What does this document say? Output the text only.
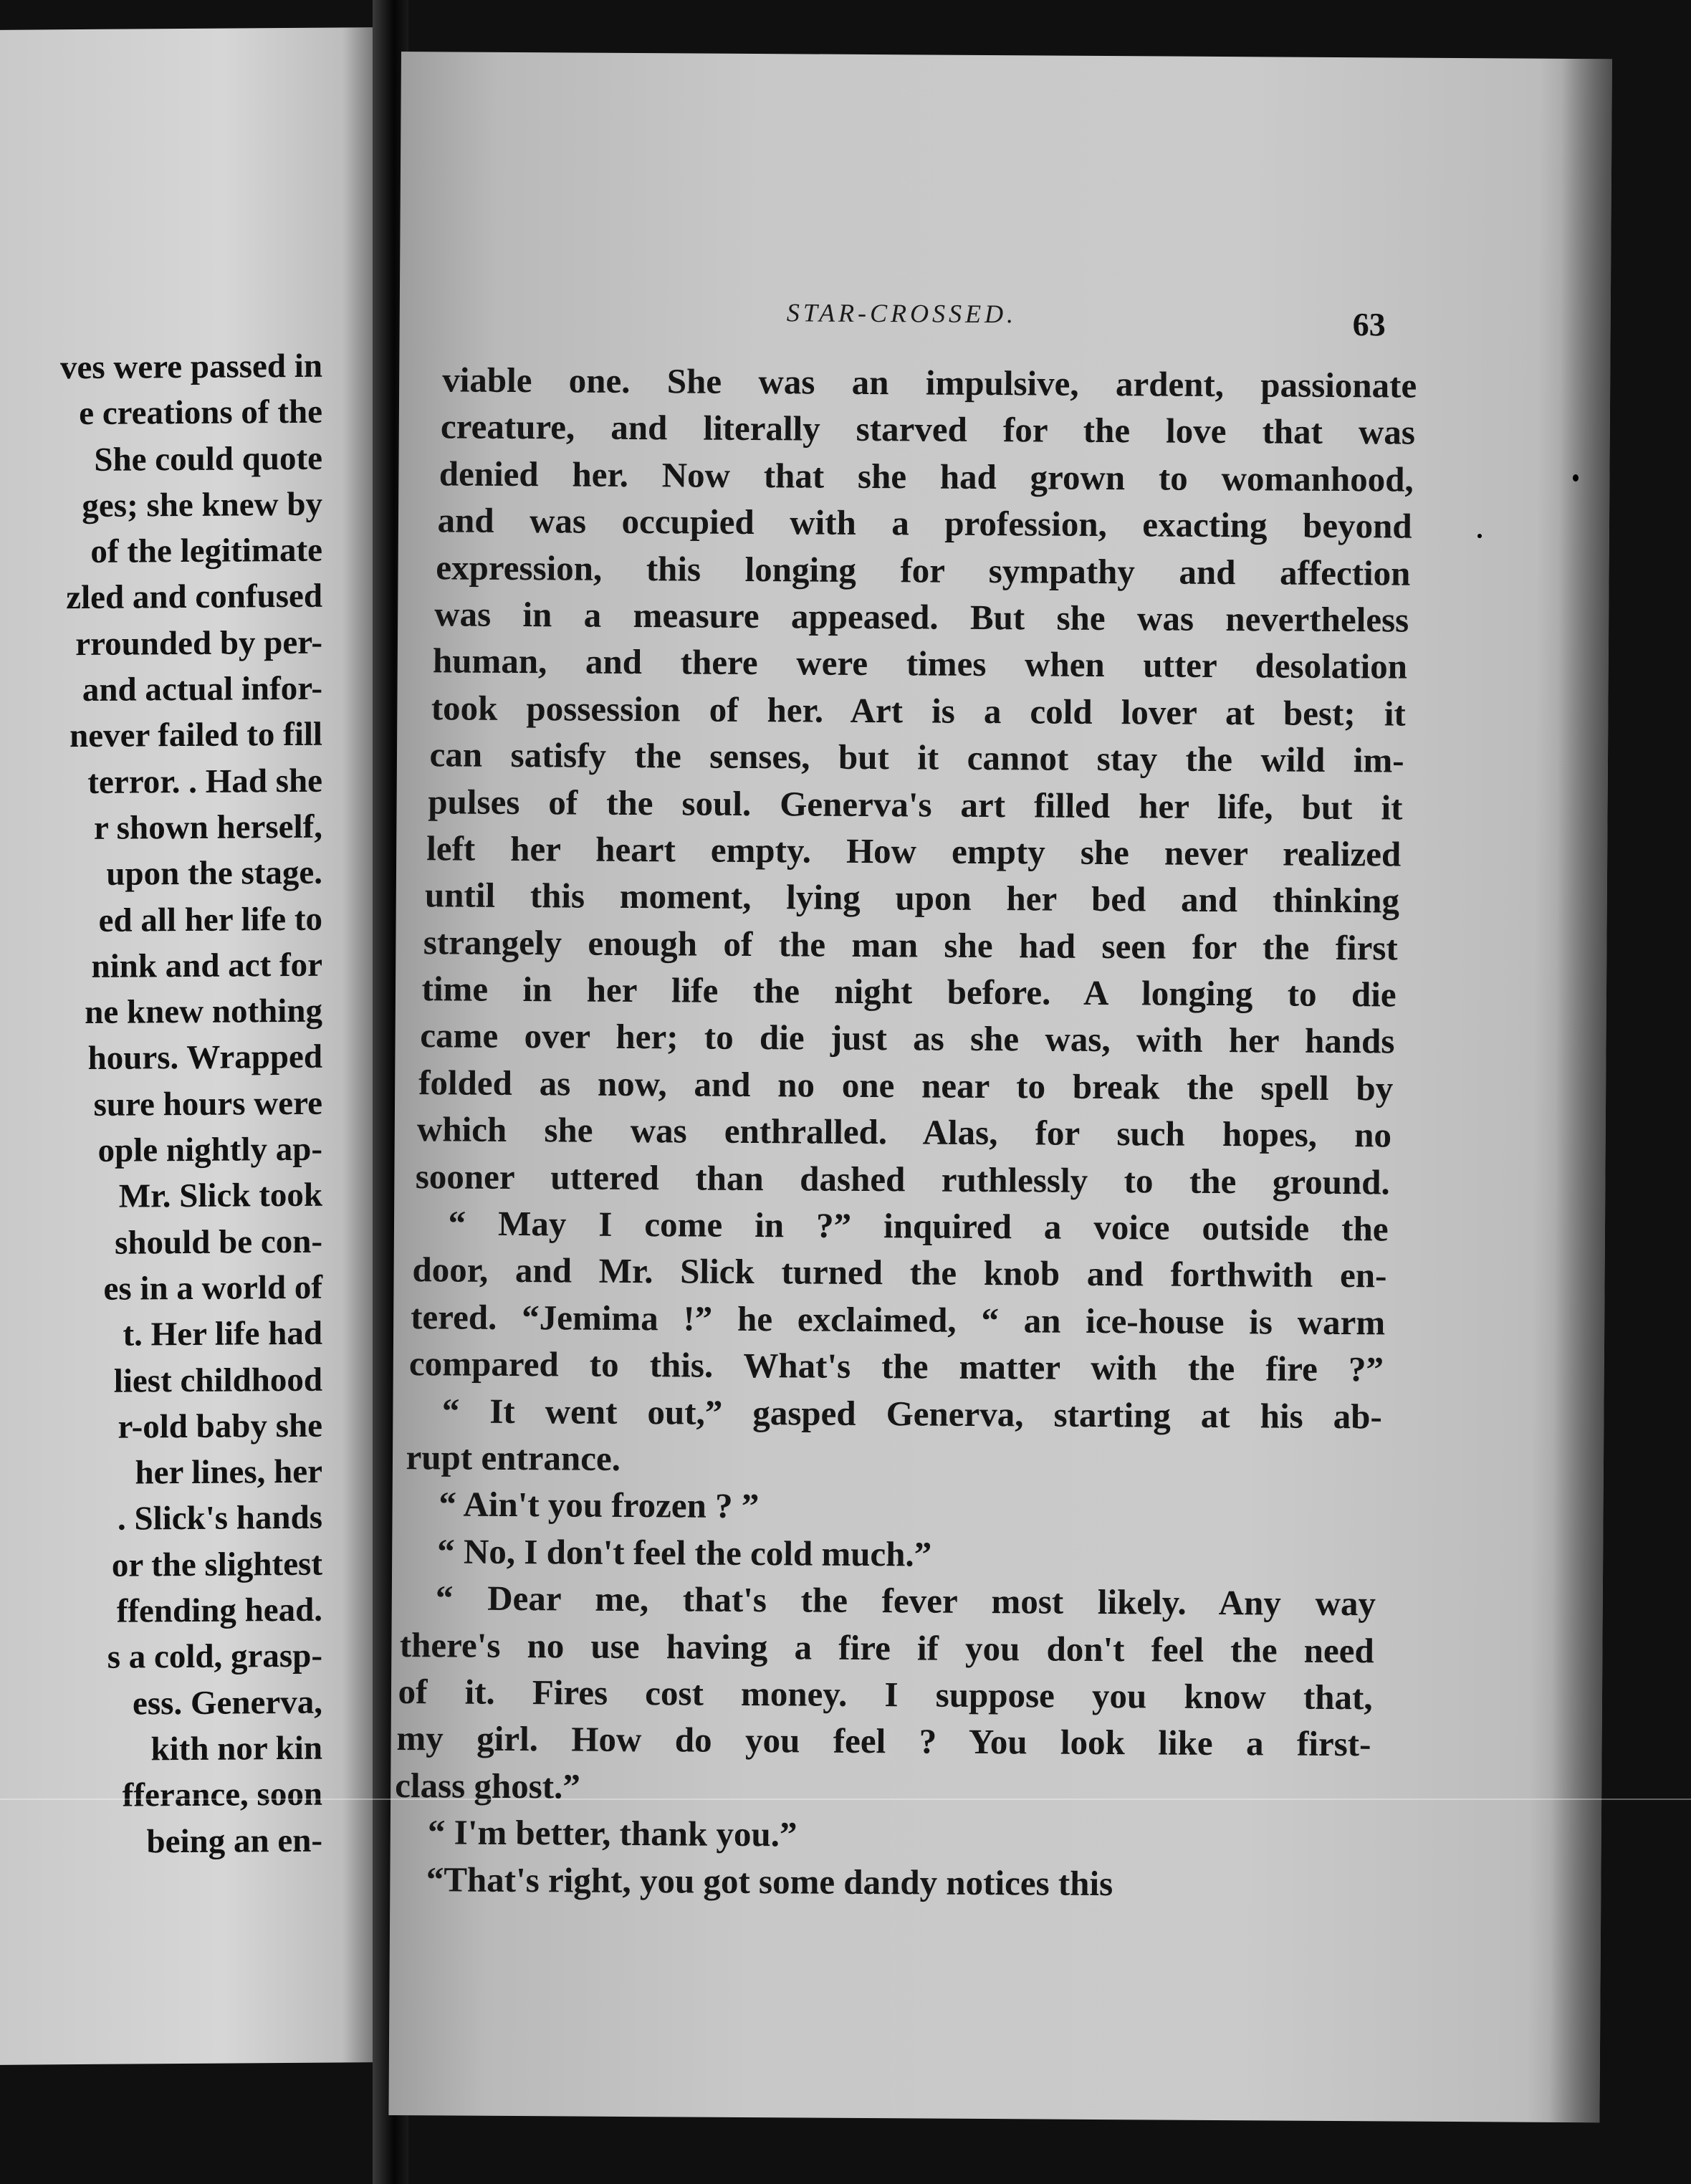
ves were passed in
e creations of the
She could quote
ges; she knew by
of the legitimate
zled and confused
rrounded by per-
and actual infor-
never failed to fill
terror. . Had she
r shown herself,
upon the stage.
ed all her life to
nink and act for
ne knew nothing
hours. Wrapped
sure hours were
ople nightly ap-
Mr. Slick took
should be con-
es in a world of
t. Her life had
liest childhood
r-old baby she
her lines, her
. Slick's hands
or the slightest
ffending head.
s a cold, grasp-
ess. Generva,
kith nor kin
fferance, soon
being an en-
STAR-CROSSED.	63
viable one. She was an impulsive, ardent, passionate
creature, and literally starved for the love that was
denied her. Now that she had grown to womanhood,
and was occupied with a profession, exacting beyond
expression, this longing for sympathy and affection
was in a measure appeased. But she was nevertheless
human, and there were times when utter desolation
took possession of her. Art is a cold lover at best; it
can satisfy the senses, but it cannot stay the wild im-
pulses of the soul. Generva's art filled her life, but it
left her heart empty. How empty she never realized
until this moment, lying upon her bed and thinking
strangely enough of the man she had seen for the first
time in her life the night before. A longing to die
came over her; to die just as she was, with her hands
folded as now, and no one near to break the spell by
which she was enthralled. Alas, for such hopes, no
sooner uttered than dashed ruthlessly to the ground.
“ May I come in ?” inquired a voice outside the
door, and Mr. Slick turned the knob and forthwith en-
tered. “Jemima !” he exclaimed, “ an ice-house is warm
compared to this. What's the matter with the fire ?”
“ It went out,” gasped Generva, starting at his ab-
rupt entrance.
“ Ain't you frozen ? ”
“ No, I don't feel the cold much.”
“ Dear me, that's the fever most likely. Any way
there's no use having a fire if you don't feel the need
of it. Fires cost money. I suppose you know that,
my girl. How do you feel ? You look like a first-
class ghost.”
“ I'm better, thank you.”
“That's right, you got some dandy notices this
